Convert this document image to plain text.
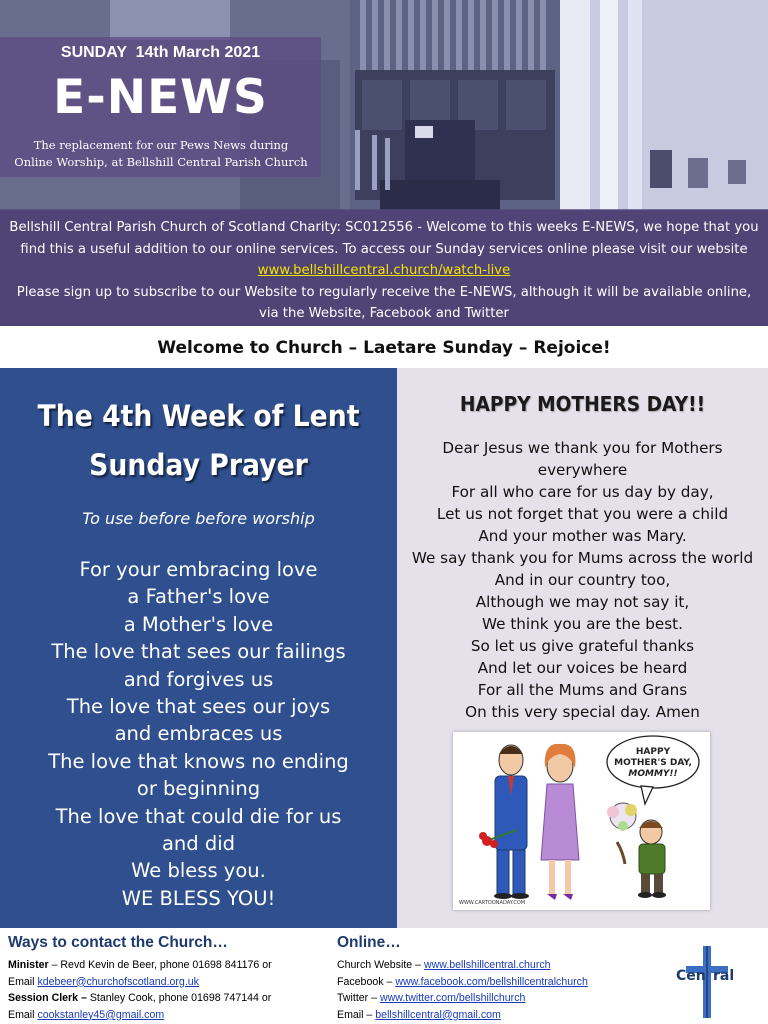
SUNDAY  14th March 2021
E-NEWS
The replacement for our Pews News during
Online Worship, at Bellshill Central Parish Church
Bellshill Central Parish Church of Scotland Charity: SC012556 - Welcome to this weeks E-NEWS, we hope that you find this a useful addition to our online services. To access our Sunday services online please visit our website www.bellshillcentral.church/watch-live
Please sign up to subscribe to our Website to regularly receive the E-NEWS, although it will be available online, via the Website, Facebook and Twitter
Welcome to Church – Laetare Sunday – Rejoice!
The 4th Week of Lent
Sunday Prayer
To use before before worship
For your embracing love
a Father's love
a Mother's love
The love that sees our failings
and forgives us
The love that sees our joys
and embraces us
The love that knows no ending
or beginning
The love that could die for us
and did
We bless you.
WE BLESS YOU!
HAPPY MOTHERS DAY!!
Dear Jesus we thank you for Mothers
everywhere
For all who care for us day by day,
Let us not forget that you were a child
And your mother was Mary.
We say thank you for Mums across the world
And in our country too,
Although we may not say it,
We think you are the best.
So let us give grateful thanks
And let our voices be heard
For all the Mums and Grans
On this very special day. Amen
HAPPY
MOTHER'S DAY,
MOMMY!!
WWW.CARTOONADAY.COM
Ways to contact the Church…
Minister – Revd Kevin de Beer, phone 01698 841176 or
Email kdebeer@churchofscotland.org.uk
Session Clerk – Stanley Cook, phone 01698 747144 or
Email cookstanley45@gmail.com
Online…
Church Website – www.bellshillcentral.church
Facebook – www.facebook.com/bellshillcentralchurch
Twitter – www.twitter.com/bellshillchurch
Email – bellshillcentral@gmail.com
Cen ral
